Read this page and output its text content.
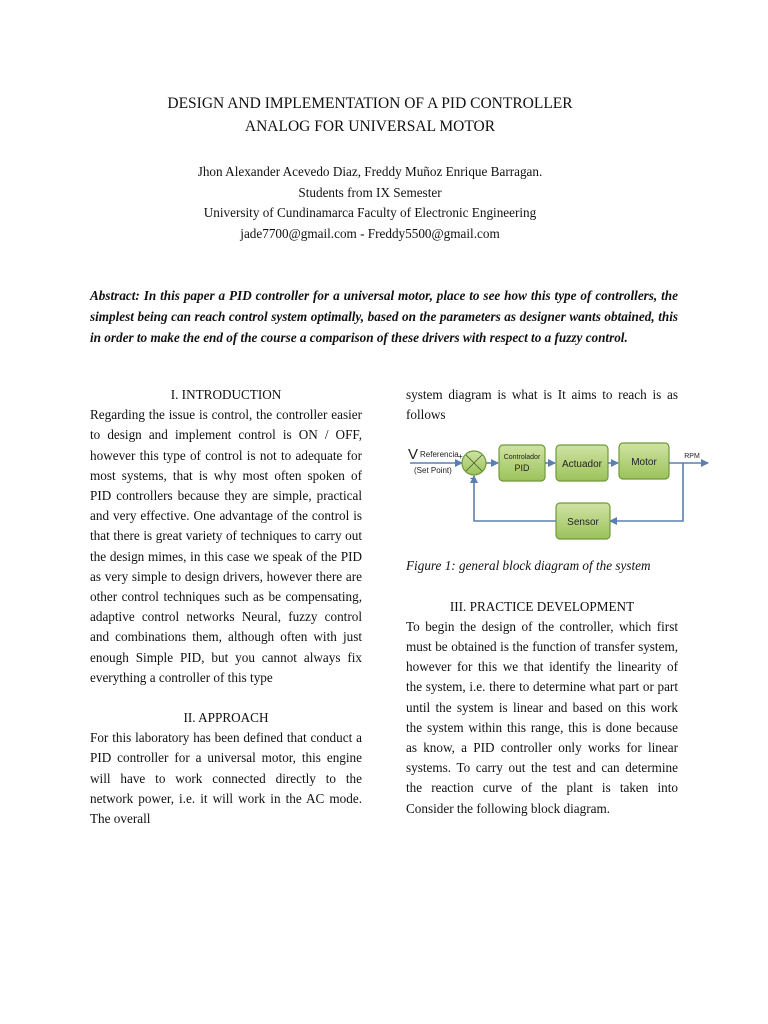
DESIGN AND IMPLEMENTATION OF A PID CONTROLLER
ANALOG FOR UNIVERSAL MOTOR
Jhon Alexander Acevedo Diaz, Freddy Muñoz Enrique Barragan.
Students from IX Semester
University of Cundinamarca Faculty of Electronic Engineering
jade7700@gmail.com - Freddy5500@gmail.com
Abstract: In this paper a PID controller for a universal motor, place to see how this type of controllers, the simplest being can reach control system optimally, based on the parameters as designer wants obtained, this in order to make the end of the course a comparison of these drivers with respect to a fuzzy control.

I. INTRODUCTION

Regarding the issue is control, the controller easier to design and implement control is ON / OFF, however this type of control is not to adequate for most systems, that is why most often spoken of PID controllers because they are simple, practical and very effective. One advantage of the control is that there is great variety of techniques to carry out the design mimes, in this case we speak of the PID as very simple to design drivers, however there are other control techniques such as be compensating, adaptive control networks Neural, fuzzy control and combinations them, although often with just enough Simple PID, but you cannot always fix everything a controller of this type

II. APPROACH

For this laboratory has been defined that conduct a PID controller for a universal motor, this engine will have to work connected directly to the network power, i.e. it will work in the AC mode. The overall

system diagram is what is It aims to reach is as follows

V Referencia
(Set Point)
+
-
Controlador
PID	Actuador	Motor
RPM
Sensor

Figure 1: general block diagram of the system

III. PRACTICE DEVELOPMENT

To begin the design of the controller, which first must be obtained is the function of transfer system, however for this we that identify the linearity of the system, i.e. there to determine what part or part until the system is linear and based on this work the system within this range, this is done because as know, a PID controller only works for linear systems. To carry out the test and can determine the reaction curve of the plant is taken into Consider the following block diagram.
